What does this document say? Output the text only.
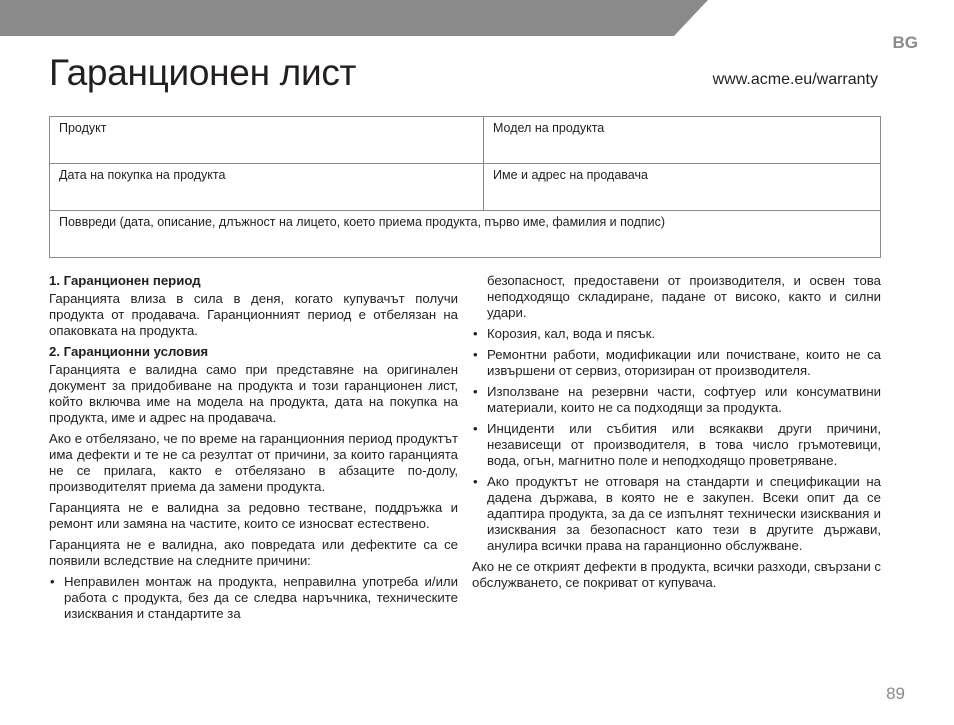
BG

Гаранционен лист	www.acme.eu/warranty
Продукт	Модел на продукта
Дата на покупка на продукта	Име и адрес на продавача
Поввреди (дата, описание, длъжност на лицето, което приема продукта, първо име, фамилия и подпис)	
1. Гаранционен период

Гаранцията влиза в сила в деня, когато купувачът получи продукта от продавача. Гаранционният период е отбелязан на опаковката на продукта.

2. Гаранционни условия

Гаранцията е валидна само при представяне на оригинален документ за придобиване на продукта и този гаранционен лист, който включва име на модела на продукта, дата на покупка на продукта, име и адрес на продавача.

Ако е отбелязано, че по време на гаранционния период продуктът има дефекти и те не са резултат от причини, за които гаранцията не се прилага, както е отбелязано в абзаците по-долу, производителят приема да замени продукта.

Гаранцията не е валидна за редовно тестване, поддръжка и ремонт или замяна на частите, които се износват естествено.

Гаранцията не е валидна, ако повредата или дефектите са се появили вследствие на следните причини:

• Неправилен монтаж на продукта, неправилна употреба и/или работа с продукта, без да се следва наръчника, техническите изисквания и стандартите за

безопасност, предоставени от производителя, и освен това неподходящо складиране, падане от високо, както и силни удари.

• Корозия, кал, вода и пясък.
• Ремонтни работи, модификации или почистване, които не са извършени от сервиз, оторизиран от производителя.
• Използване на резервни части, софтуер или консуматвини материали, които не са подходящи за продукта.
• Инциденти или събития или всякакви други причини, независещи от производителя, в това число гръмотевици, вода, огън, магнитно поле и неподходящо проветряване.
• Ако продуктът не отговаря на стандарти и спецификации на дадена държава, в която не е закупен. Всеки опит да се адаптира продукта, за да се изпълнят технически изисквания и изисквания за безопасност като тези в другите държави, анулира всички права на гаранционно обслужване.

Ако не се открият дефекти в продукта, всички разходи, свързани с обслужването, се покриват от купувача.

89
